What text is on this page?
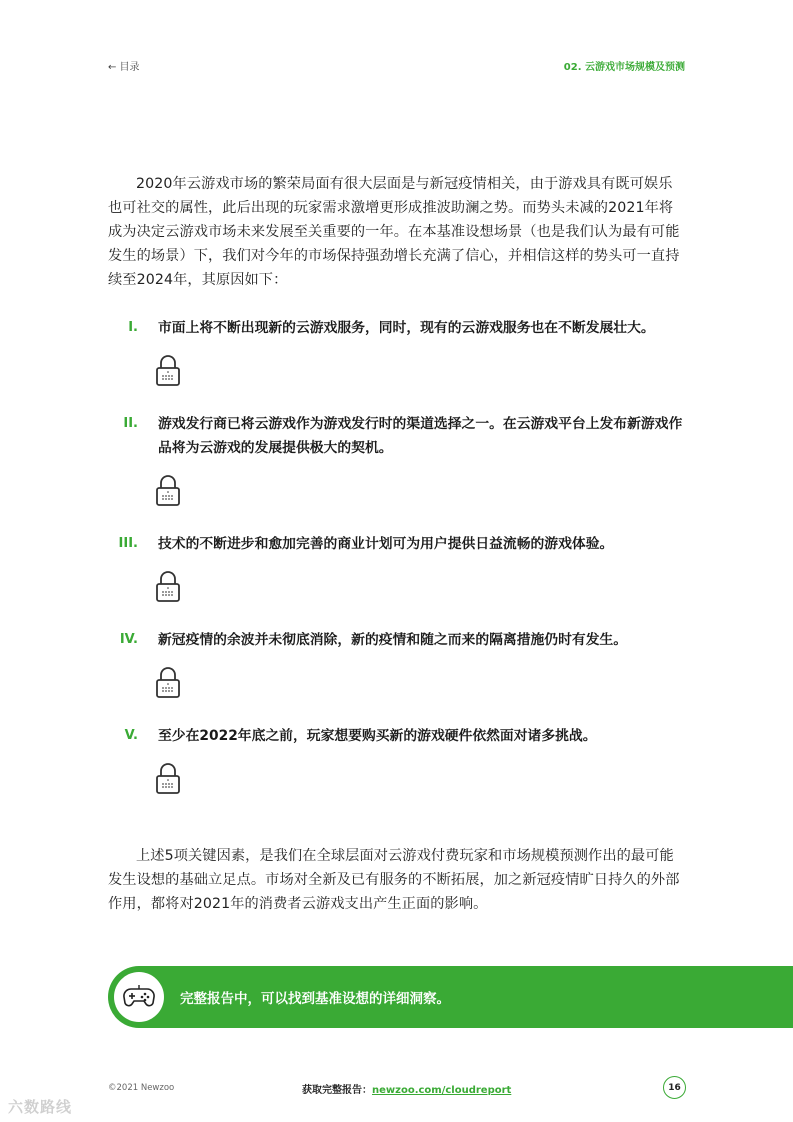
← 目录	02. 云游戏市场规模及预测
2020年云游戏市场的繁荣局面有很大层面是与新冠疫情相关，由于游戏具有既可娱乐也可社交的属性，此后出现的玩家需求激增更形成推波助澜之势。而势头未减的2021年将成为决定云游戏市场未来发展至关重要的一年。在本基准设想场景（也是我们认为最有可能发生的场景）下，我们对今年的市场保持强劲增长充满了信心，并相信这样的势头可一直持续至2024年，其原因如下：
I.	市面上将不断出现新的云游戏服务，同时，现有的云游戏服务也在不断发展壮大。
II.	游戏发行商已将云游戏作为游戏发行时的渠道选择之一。在云游戏平台上发布新游戏作品将为云游戏的发展提供极大的契机。
III.	技术的不断进步和愈加完善的商业计划可为用户提供日益流畅的游戏体验。
IV.	新冠疫情的余波并未彻底消除，新的疫情和随之而来的隔离措施仍时有发生。
V.	至少在2022年底之前，玩家想要购买新的游戏硬件依然面对诸多挑战。
上述5项关键因素，是我们在全球层面对云游戏付费玩家和市场规模预测作出的最可能发生设想的基础立足点。市场对全新及已有服务的不断拓展，加之新冠疫情旷日持久的外部作用，都将对2021年的消费者云游戏支出产生正面的影响。
完整报告中，可以找到基准设想的详细洞察。
©2021 Newzoo	获取完整报告：newzoo.com/cloudreport	16
六数路线
